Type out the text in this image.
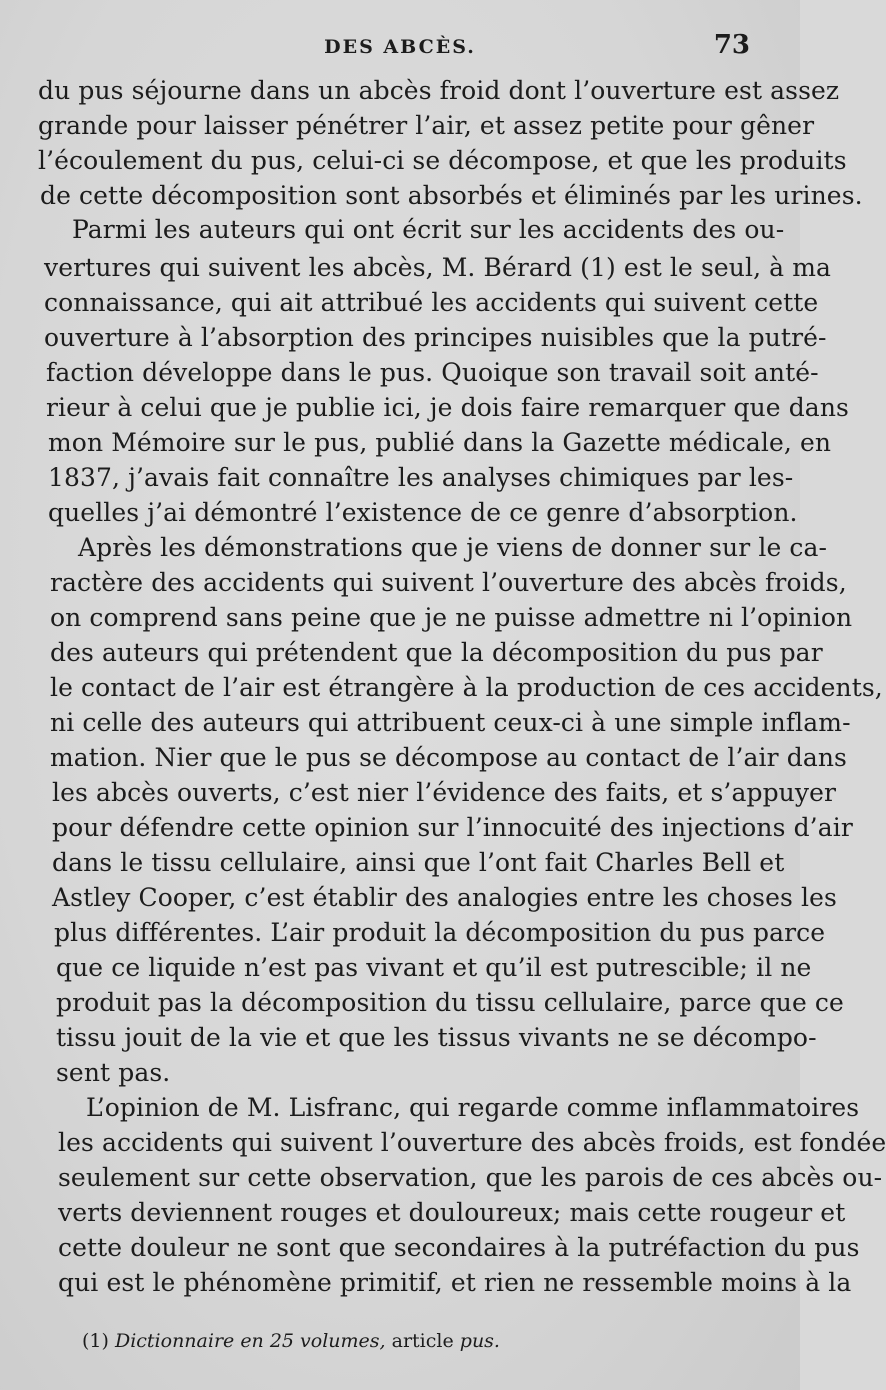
DES ABCÈS.	73
du pus séjourne dans un abcès froid dont l’ouverture est assez
grande pour laisser pénétrer l’air, et assez petite pour gêner
l’écoulement du pus, celui-ci se décompose, et que les produits
de cette décomposition sont absorbés et éliminés par les urines.
Parmi les auteurs qui ont écrit sur les accidents des ou-
vertures qui suivent les abcès, M. Bérard (1) est le seul, à ma
connaissance, qui ait attribué les accidents qui suivent cette
ouverture à l’absorption des principes nuisibles que la putré-
faction développe dans le pus. Quoique son travail soit anté-
rieur à celui que je publie ici, je dois faire remarquer que dans
mon Mémoire sur le pus, publié dans la Gazette médicale, en
1837, j’avais fait connaître les analyses chimiques par les-
quelles j’ai démontré l’existence de ce genre d’absorption.
Après les démonstrations que je viens de donner sur le ca-
ractère des accidents qui suivent l’ouverture des abcès froids,
on comprend sans peine que je ne puisse admettre ni l’opinion
des auteurs qui prétendent que la décomposition du pus par
le contact de l’air est étrangère à la production de ces accidents,
ni celle des auteurs qui attribuent ceux-ci à une simple inflam-
mation. Nier que le pus se décompose au contact de l’air dans
les abcès ouverts, c’est nier l’évidence des faits, et s’appuyer
pour défendre cette opinion sur l’innocuité des injections d’air
dans le tissu cellulaire, ainsi que l’ont fait Charles Bell et
Astley Cooper, c’est établir des analogies entre les choses les
plus différentes. L’air produit la décomposition du pus parce
que ce liquide n’est pas vivant et qu’il est putrescible; il ne
produit pas la décomposition du tissu cellulaire, parce que ce
tissu jouit de la vie et que les tissus vivants ne se décompo-
sent pas.
L’opinion de M. Lisfranc, qui regarde comme inflammatoires
les accidents qui suivent l’ouverture des abcès froids, est fondée
seulement sur cette observation, que les parois de ces abcès ou-
verts deviennent rouges et douloureux; mais cette rougeur et
cette douleur ne sont que secondaires à la putréfaction du pus
qui est le phénomène primitif, et rien ne ressemble moins à la
(1) Dictionnaire en 25 volumes, article pus.
